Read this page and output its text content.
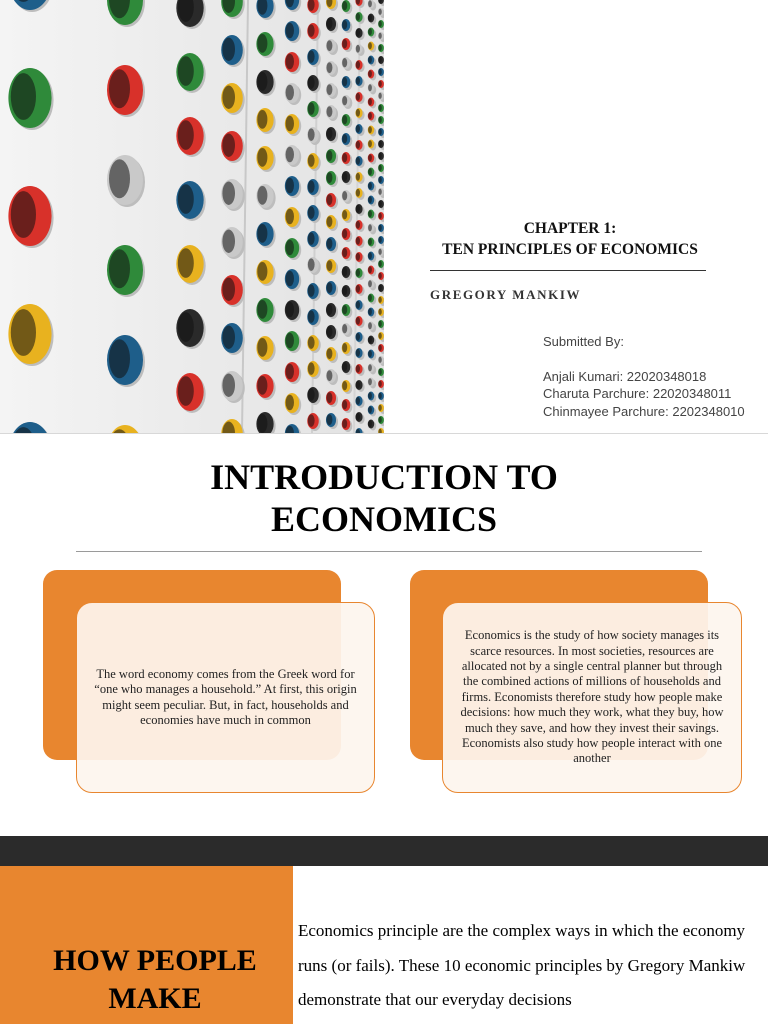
CHAPTER 1:
TEN PRINCIPLES OF ECONOMICS
GREGORY MANKIW
Submitted By:
Anjali Kumari: 22020348018
Charuta Parchure: 22020348011
Chinmayee Parchure: 2202348010
INTRODUCTION TO
ECONOMICS

The word economy comes from the Greek word for “one who manages a household.” At first, this origin might seem peculiar. But, in fact, households and economies have much in common

Economics is the study of how society manages its scarce resources. In most societies, resources are allocated not by a single central planner but through the combined actions of millions of households and firms. Economists therefore study how people make decisions: how much they work, what they buy, how much they save, and how they invest their savings. Economists also study how people interact with one another

HOW PEOPLE
MAKE

Economics principle are the complex ways in which the economy runs (or fails). These 10 economic principles by Gregory Mankiw demonstrate that our everyday decisions
